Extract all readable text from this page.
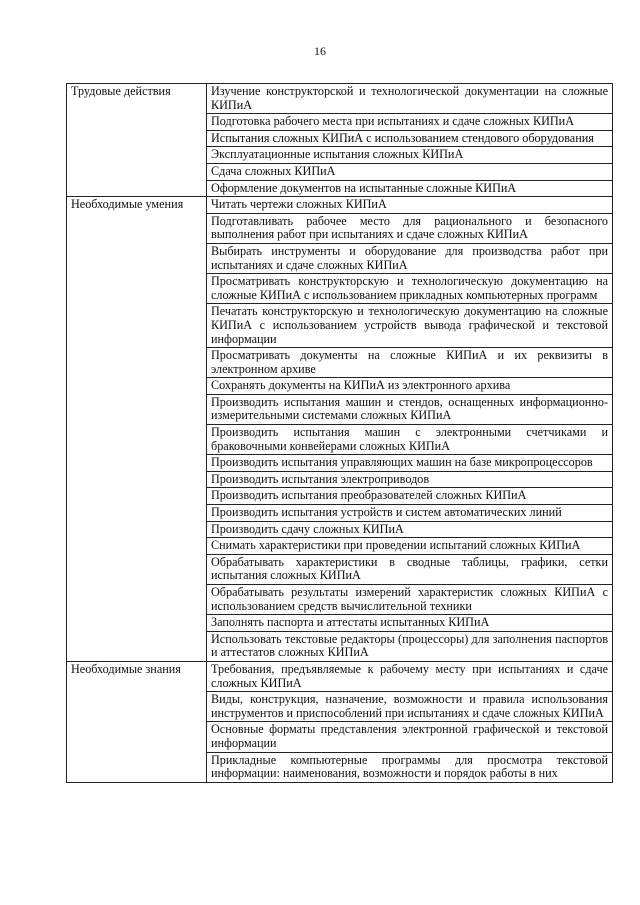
16
Трудовые действия	Изучение конструкторской и технологической документации на сложные КИПиА
	Подготовка рабочего места при испытаниях и сдаче сложных КИПиА
	Испытания сложных КИПиА с использованием стендового оборудования
	Эксплуатационные испытания сложных КИПиА
	Сдача сложных КИПиА
	Оформление документов на испытанные сложные КИПиА
Необходимые умения	Читать чертежи сложных КИПиА
	Подготавливать рабочее место для рационального и безопасного выполнения работ при испытаниях и сдаче сложных КИПиА
	Выбирать инструменты и оборудование для производства работ при испытаниях и сдаче сложных КИПиА
	Просматривать конструкторскую и технологическую документацию на сложные КИПиА с использованием прикладных компьютерных программ
	Печатать конструкторскую и технологическую документацию на сложные КИПиА с использованием устройств вывода графической и текстовой информации
	Просматривать документы на сложные КИПиА и их реквизиты в электронном архиве
	Сохранять документы на КИПиА из электронного архива
	Производить испытания машин и стендов, оснащенных информационно-измерительными системами сложных КИПиА
	Производить испытания машин с электронными счетчиками и браковочными конвейерами сложных КИПиА
	Производить испытания управляющих машин на базе микропроцессоров
	Производить испытания электроприводов
	Производить испытания преобразователей сложных КИПиА
	Производить испытания устройств и систем автоматических линий
	Производить сдачу сложных КИПиА
	Снимать характеристики при проведении испытаний сложных КИПиА
	Обрабатывать характеристики в сводные таблицы, графики, сетки испытания сложных КИПиА
	Обрабатывать результаты измерений характеристик сложных КИПиА с использованием средств вычислительной техники
	Заполнять паспорта и аттестаты испытанных КИПиА
	Использовать текстовые редакторы (процессоры) для заполнения паспортов и аттестатов сложных КИПиА
Необходимые знания	Требования, предъявляемые к рабочему месту при испытаниях и сдаче сложных КИПиА
	Виды, конструкция, назначение, возможности и правила использования инструментов и приспособлений при испытаниях и сдаче сложных КИПиА
	Основные форматы представления электронной графической и текстовой информации
	Прикладные компьютерные программы для просмотра текстовой информации: наименования, возможности и порядок работы в них
